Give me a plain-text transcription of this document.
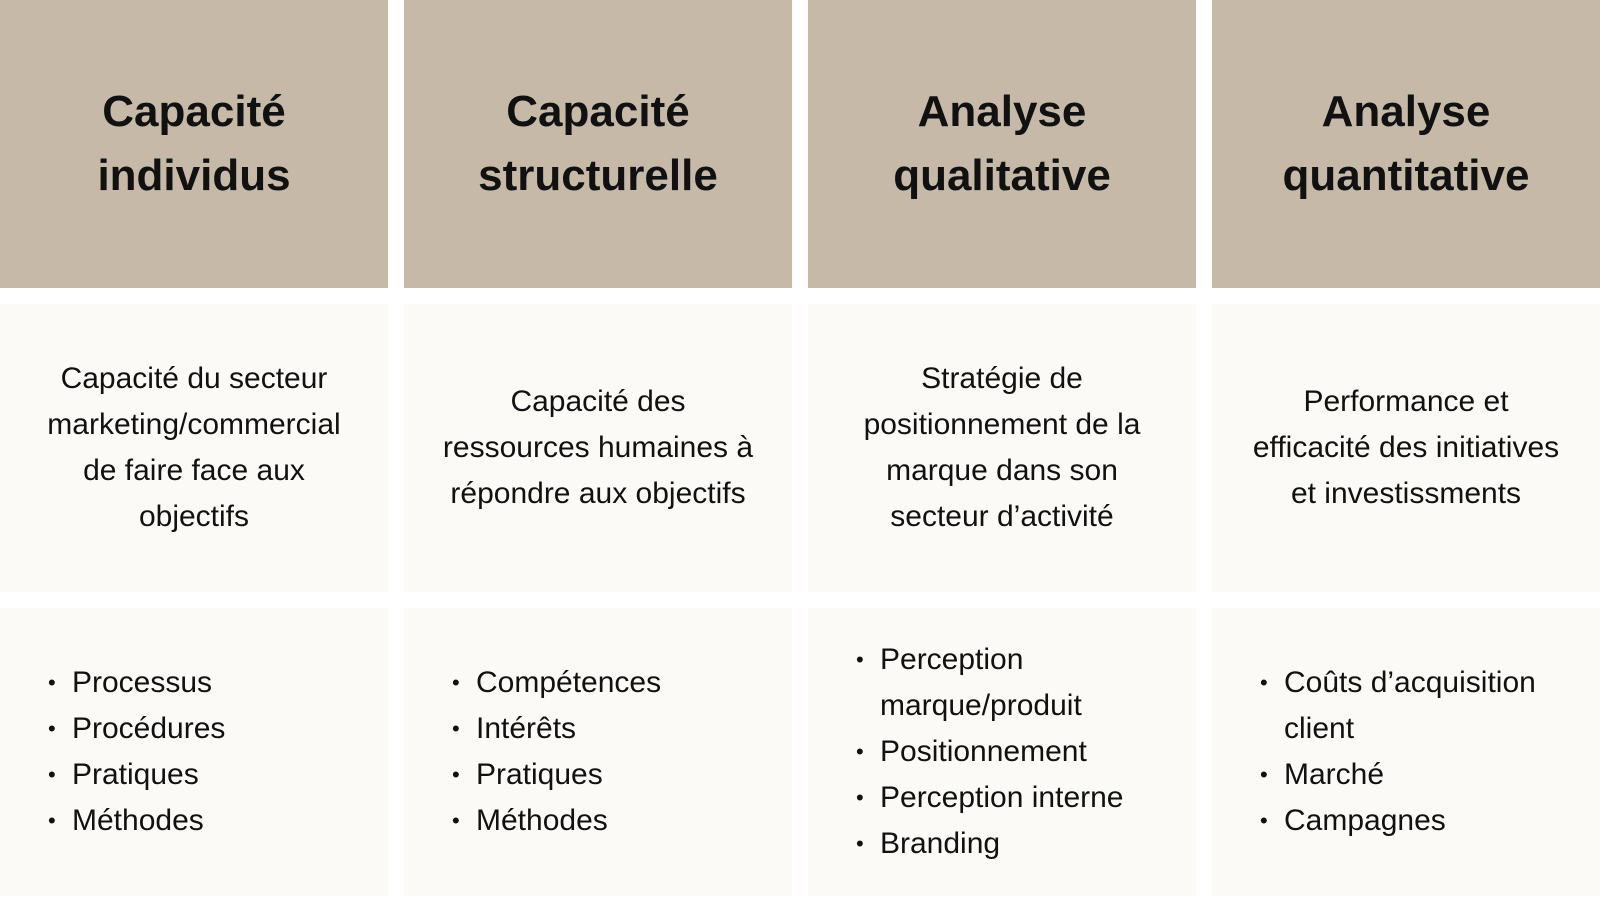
Capacité
individus
Capacité
structurelle
Analyse
qualitative
Analyse
quantitative
Capacité du secteur
marketing/commercial
de faire face aux
objectifs
Capacité des
ressources humaines à
répondre aux objectifs
Stratégie de
positionnement de la
marque dans son
secteur d’activité
Performance et
efficacité des initiatives
et investissments
• Processus
• Procédures
• Pratiques
• Méthodes
• Compétences
• Intérêts
• Pratiques
• Méthodes
• Perception
marque/produit
• Positionnement
• Perception interne
• Branding
• Coûts d’acquisition
client
• Marché
• Campagnes
